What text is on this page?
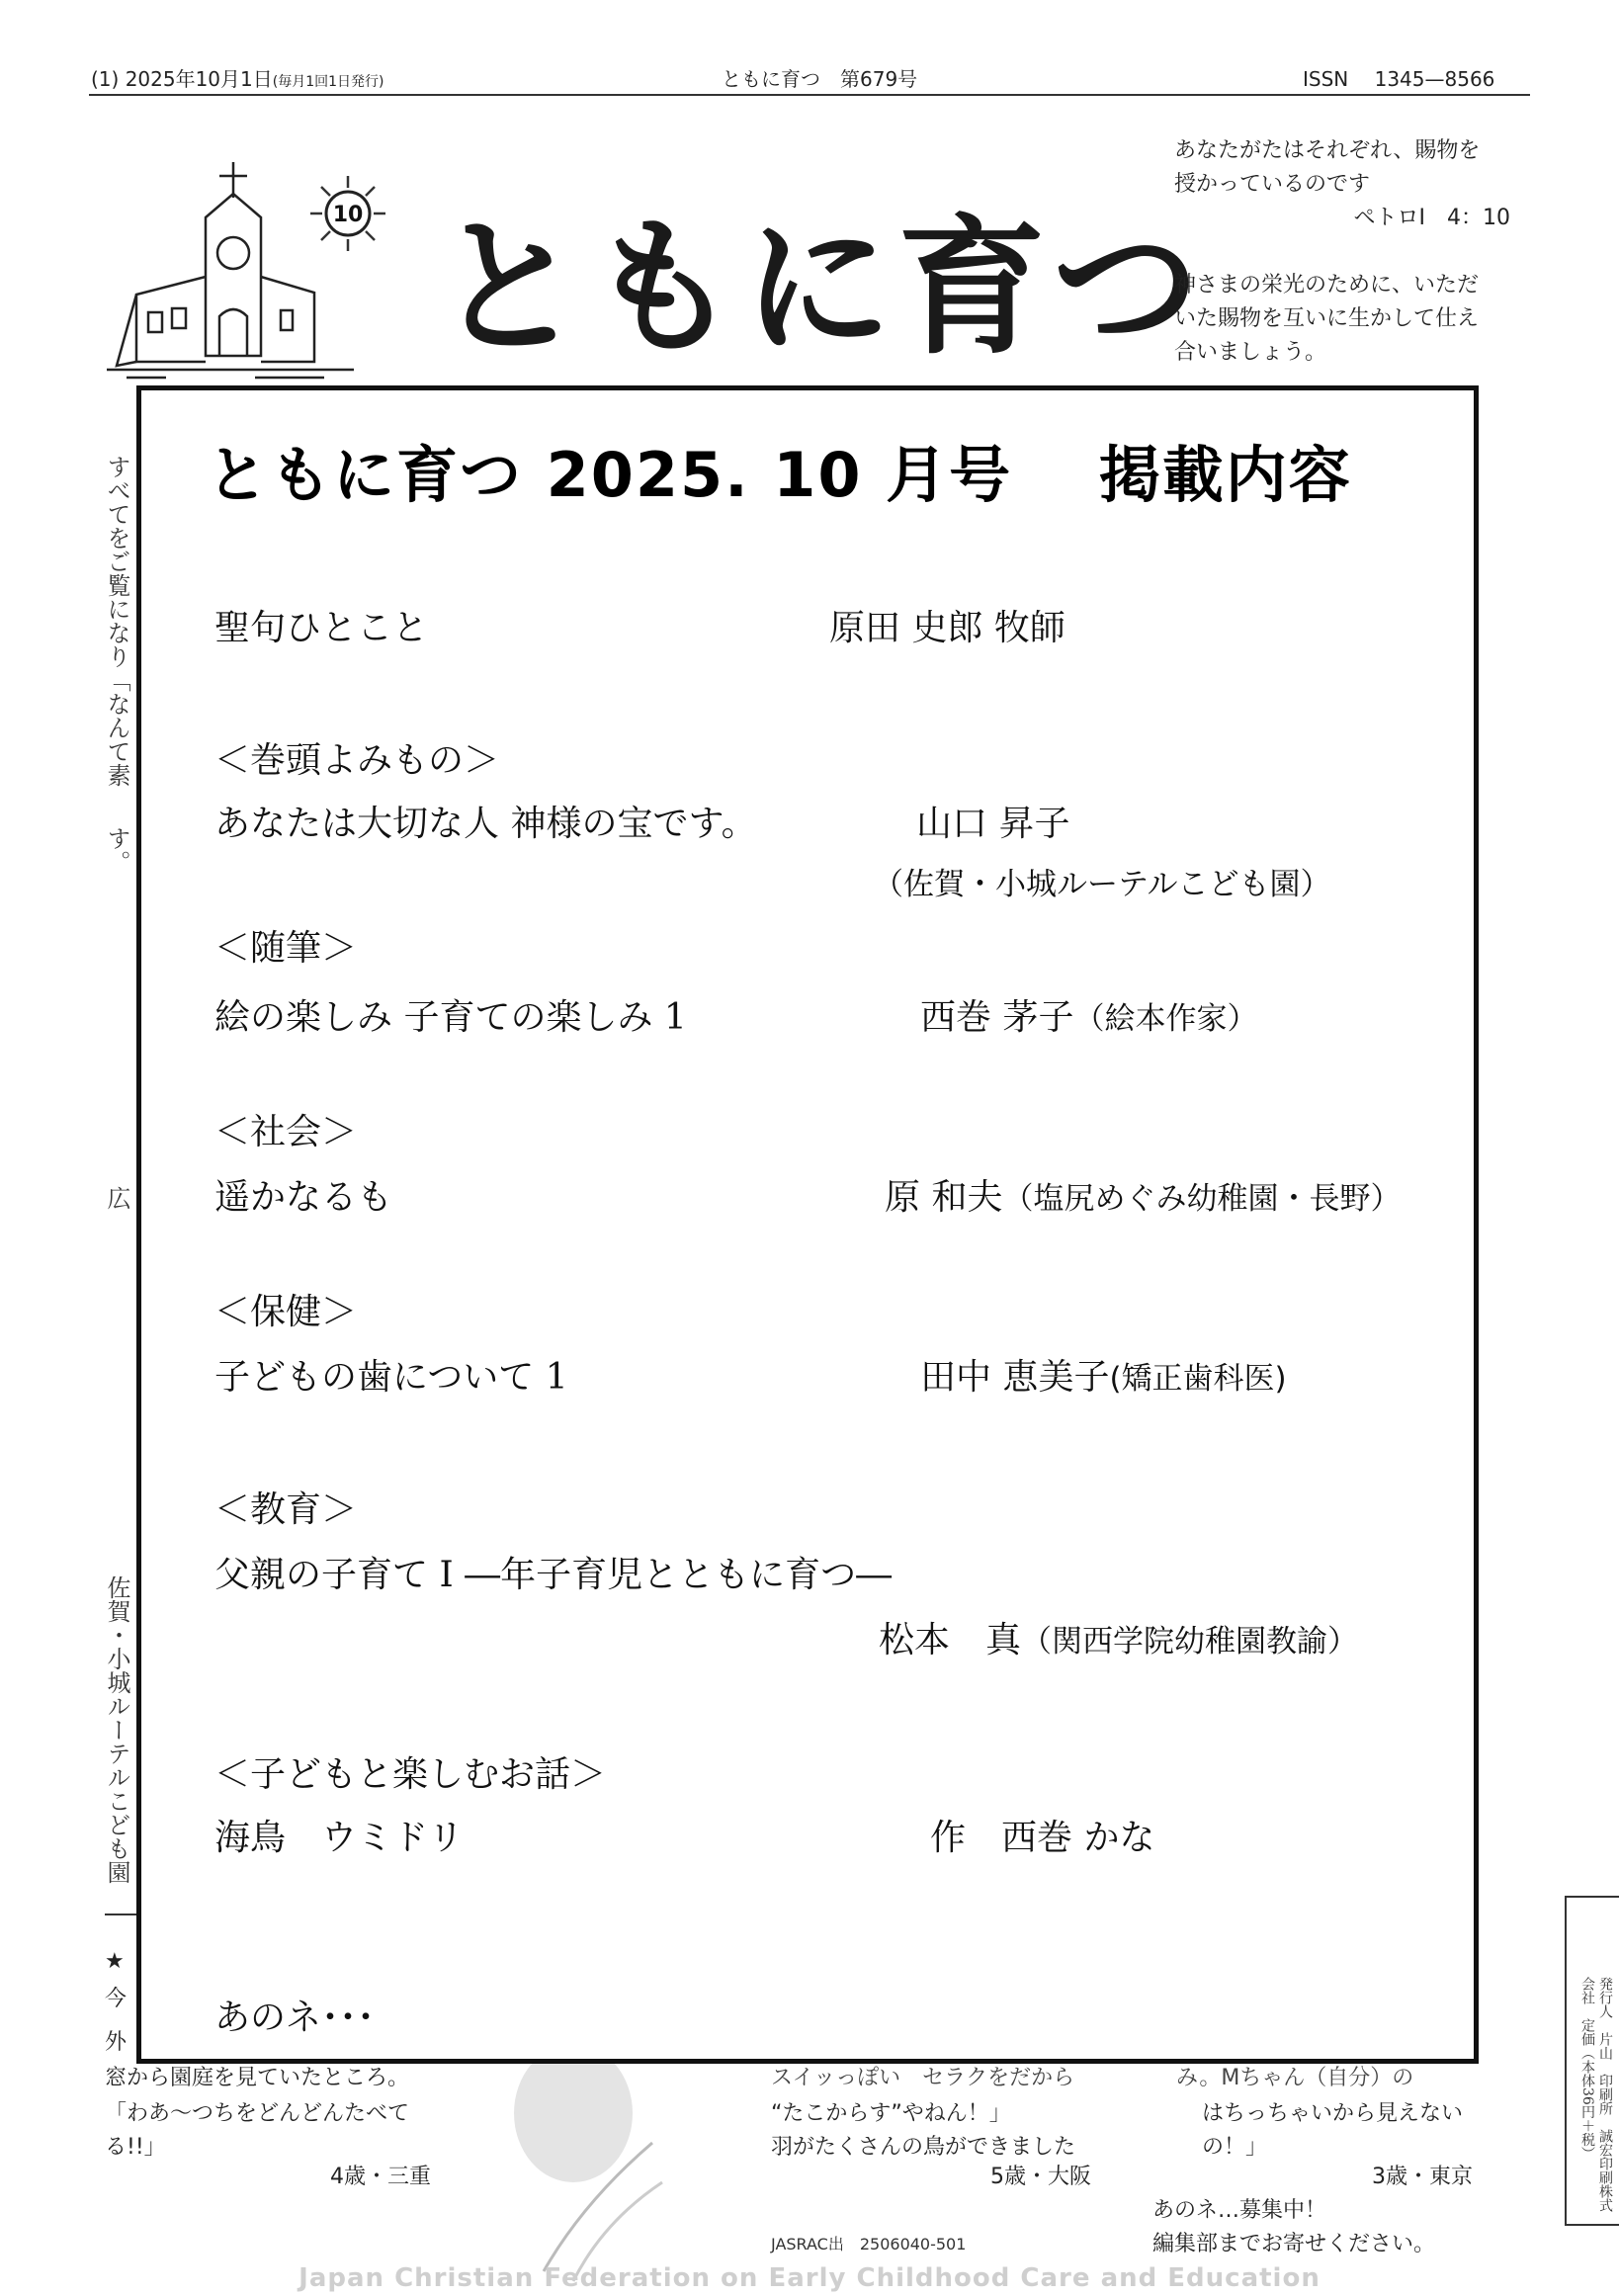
(1) 2025年10月1日(毎月1回1日発行)	ともに育つ　第679号	ISSN　 1345—8566
10 ともに育つ
あなたがたはそれぞれ、賜物を
授かっているのです
ペトロⅠ　4：10
神さまの栄光のために、いただ
いた賜物を互いに生かして仕え
合いましょう。
すべてをご覧になり「なんて素
す。
広
佐賀・小城ルーテルこども園
★
今
外
窓から園庭を見ていたところ。
「わあ～つちをどんどんたべて
る!!」
4歳・三重
スイッっぽい　セラクをだから
“たこからす”やねん！」
羽がたくさんの鳥ができました
5歳・大阪
JASRAC出　2506040-501
み。Mちゃん（自分）の
はちっちゃいから見えない
の！」
3歳・東京
あのネ…募集中！
編集部までお寄せください。
発行人　片山　印刷所　誠宏印刷株式会社　定価（本体36円＋税）
Japan Christian Federation on Early Childhood Care and Education
ともに育つ 2025. 10 月号　 掲載内容
聖句ひとこと	原田 史郎 牧師
＜巻頭よみもの＞
あなたは大切な人 神様の宝です。	山口 昇子
（佐賀・小城ルーテルこども園）
＜随筆＞
絵の楽しみ 子育ての楽しみ 1	西巻 茅子（絵本作家）
＜社会＞
遥かなるも	原 和夫（塩尻めぐみ幼稚園・長野）
＜保健＞
子どもの歯について 1	田中 恵美子(矯正歯科医)
＜教育＞
父親の子育て Ⅰ ―年子育児とともに育つ―
松本　真（関西学院幼稚園教諭）
＜子どもと楽しむお話＞
海鳥　ウミドリ	作　西巻 かな
あのネ･･･
